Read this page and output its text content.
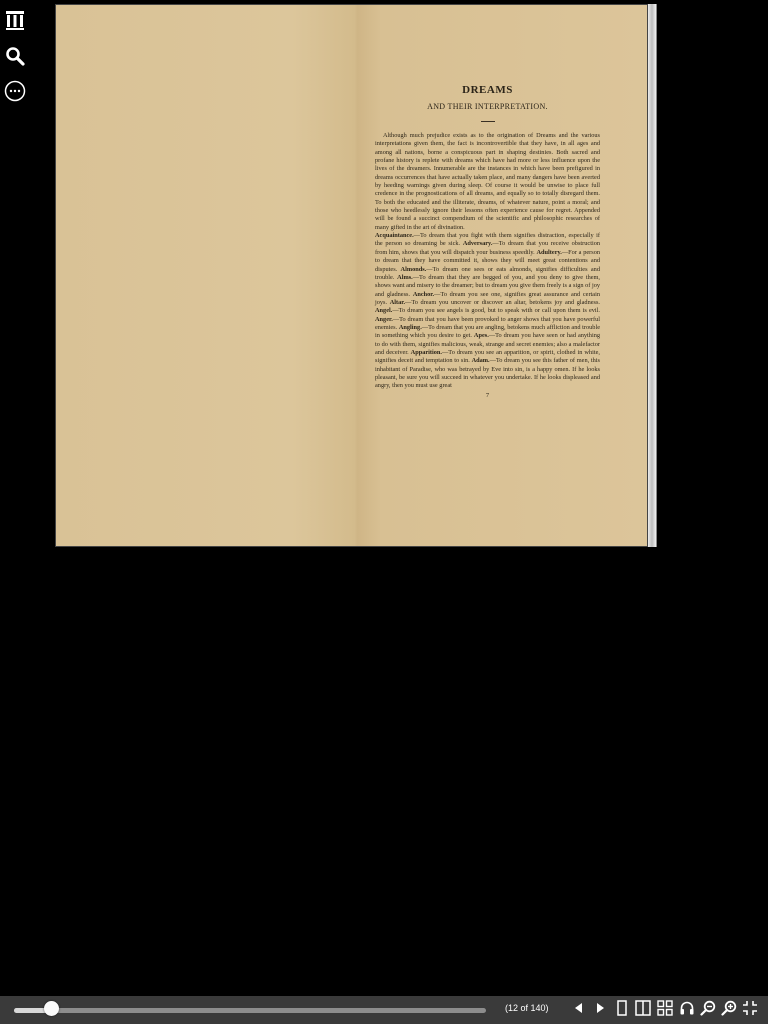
DREAMS
AND THEIR INTERPRETATION.

Although much prejudice exists as to the origination of Dreams and the various interpretations given them, the fact is incontrovertible that they have, in all ages and among all nations, borne a conspicuous part in shaping destinies. Both sacred and profane history is replete with dreams which have had more or less influence upon the lives of the dreamers. Innumerable are the instances in which have been prefigured in dreams occurrences that have actually taken place, and many dangers have been averted by heeding warnings given during sleep. Of course it would be unwise to place full credence in the prognostications of all dreams, and equally so to totally disregard them. To both the educated and the illiterate, dreams, of whatever nature, point a moral; and those who heedlessly ignore their lessons often experience cause for regret. Appended will be found a succinct compendium of the scientific and philosophic researches of many gifted in the art of divination.
Acquaintance.—To dream that you fight with them signifies distraction, especially if the person so dreaming be sick. Adversary.—To dream that you receive obstruction from him, shows that you will dispatch your business speedily. Adultery.—For a person to dream that they have committed it, shows they will meet great contentions and disputes. Almonds.—To dream one sees or eats almonds, signifies difficulties and trouble. Alms.—To dream that they are begged of you, and you deny to give them, shows want and misery to the dreamer; but to dream you give them freely is a sign of joy and gladness. Anchor.—To dream you see one, signifies great assurance and certain joys. Altar.—To dream you uncover or discover an altar, betokens joy and gladness. Angel.—To dream you see angels is good, but to speak with or call upon them is evil. Anger.—To dream that you have been provoked to anger shows that you have powerful enemies. Angling.—To dream that you are angling, betokens much affliction and trouble in something which you desire to get. Apes.—To dream you have seen or had anything to do with them, signifies malicious, weak, strange and secret enemies; also a malefactor and deceiver. Apparition.—To dream you see an apparition, or spirit, clothed in white, signifies deceit and temptation to sin. Adam.—To dream you see this father of men, this inhabitant of Paradise, who was betrayed by Eve into sin, is a happy omen. If he looks pleasant, be sure you will succeed in whatever you undertake. If he looks displeased and angry, then you must use great

7
(12 of 140)
